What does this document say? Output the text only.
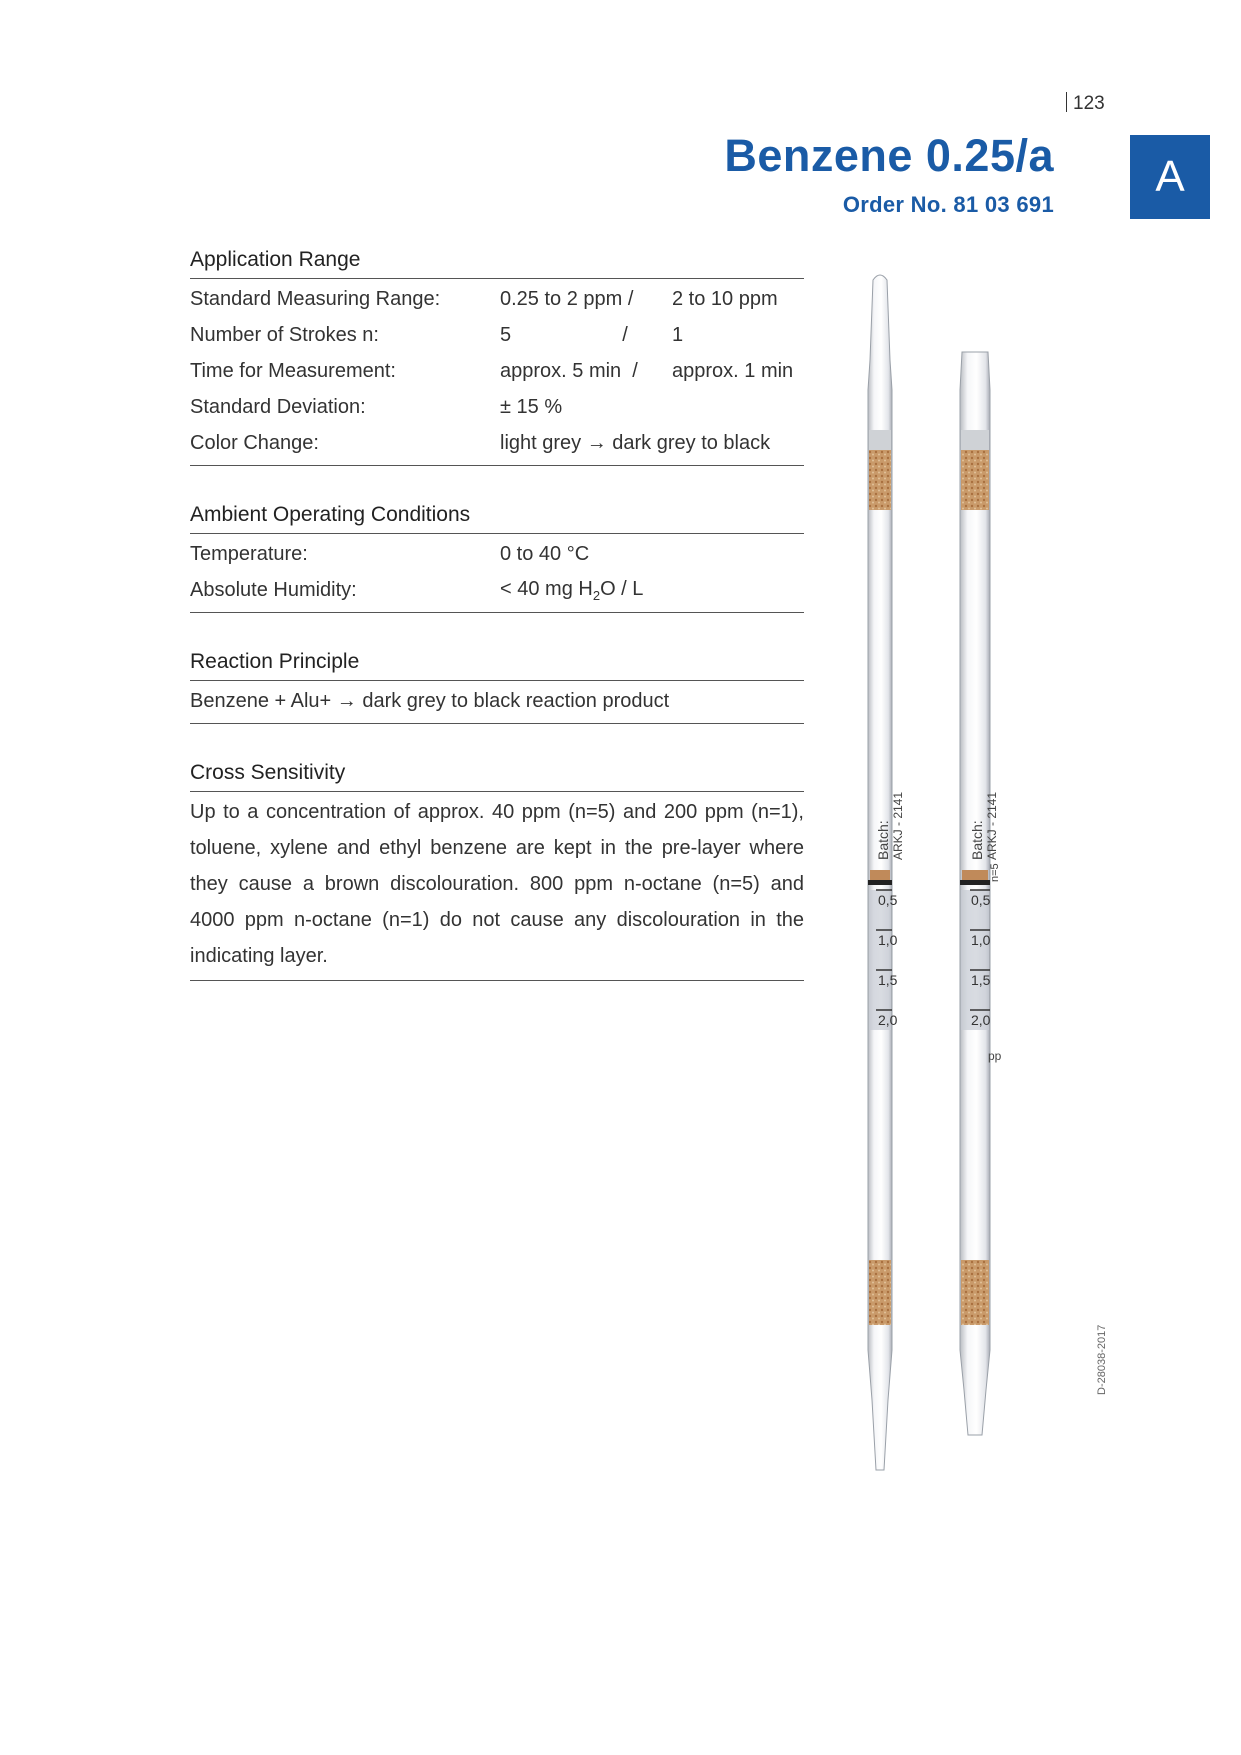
123
Benzene 0.25/a
Order No. 81 03 691
A
Application Range
Standard Measuring Range:	0.25 to 2 ppm /	2 to 10 ppm
Number of Strokes n:	5                    /	1
Time for Measurement:	approx. 5 min  /	approx. 1 min
Standard Deviation:	± 15 %
Color Change:	light grey → dark grey to black
Ambient Operating Conditions
Temperature:	0 to 40 °C
Absolute Humidity:	< 40 mg $H_2O$ / L
Reaction Principle
Benzene + Alu+ → dark grey to black reaction product
Cross Sensitivity
Up to a concentration of approx. 40 ppm (n=5) and 200 ppm (n=1), toluene, xylene and ethyl benzene are kept in the pre-layer where they cause a brown discolouration. 800 ppm n-octane (n=5) and 4000 ppm n-octane (n=1) do not cause any discolouration in the indicating layer.
0,5
1,0
1,5
2,0
Batch: ARKJ - 2141
0,5
1,0
1,5
2,0
Batch: ARKJ - 2141
n=5
pp
D-28038-2017
